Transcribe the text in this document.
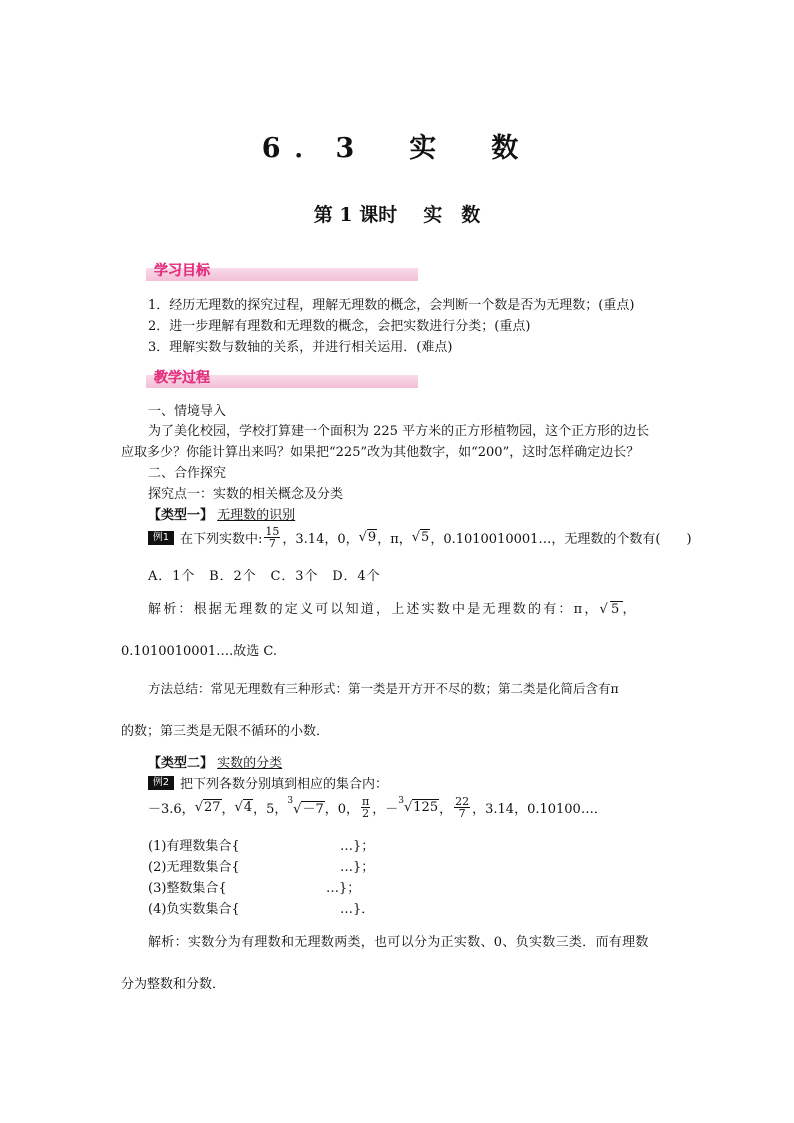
6．3　实　数
第 1 课时 实　数
学习目标
1．经历无理数的探究过程，理解无理数的概念，会判断一个数是否为无理数；(重点)
2．进一步理解有理数和无理数的概念，会把实数进行分类；(重点)
3．理解实数与数轴的关系，并进行相关运用．(难点)
教学过程
一、情境导入
为了美化校园，学校打算建一个面积为 225 平方米的正方形植物园，这个正方形的边长
应取多少？你能计算出来吗？如果把“225”改为其他数字，如“200”，这时怎样确定边长？
二、合作探究
探究点一：实数的相关概念及分类
【类型一】 无理数的识别
例1 在下列实数中: $\frac{15}{7}$ ，3.14，0，√9，π，√5，0.1010010001…，无理数的个数有(　　)
A．1个　B．2个　C．3个　D．4个
解析：根据无理数的定义可以知道，上述实数中是无理数的有：π，√5，
0.1010010001….故选 C.
方法总结：常见无理数有三种形式：第一类是开方开不尽的数；第二类是化简后含有π
的数；第三类是无限不循环的小数．
【类型二】 实数的分类
例2 把下列各数分别填到相应的集合内：
－3.6，√27，√4，5，$^3$√－7，0， $\frac{\pi}{2}$ ，－$^3$√125， $\frac{22}{7}$ ，3.14，0.10100…．
(1)有理数集合{	…}；
(2)无理数集合{	…}；
(3)整数集合{	…}；
(4)负实数集合{	…}．
解析：实数分为有理数和无理数两类，也可以分为正实数、0、负实数三类．而有理数
分为整数和分数．
